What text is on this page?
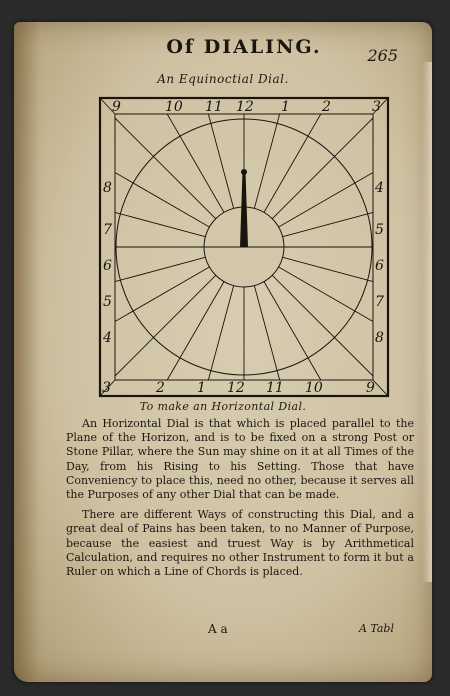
Of DIALING.	265
An Equinoctial Dial.
9	10 11 12 1 2	3
4
5
6
7
8
3	2 1 12 11 10	9
8
7
6
5
4
To make an Horizontal Dial.

An Horizontal Dial is that which is placed parallel to the Plane of the Horizon, and is to be fixed on a strong Post or Stone Pillar, where the Sun may shine on it at all Times of the Day, from his Rising to his Setting. Those that have Conveniency to place this, need no other, because it serves all the Purposes of any other Dial that can be made.

There are different Ways of constructing this Dial, and a great deal of Pains has been taken, to no Manner of Purpose, because the easiest and truest Way is by Arithmetical Calculation, and requires no other Instrument to form it but a Ruler on which a Line of Chords is placed.

A a	A Tabl
